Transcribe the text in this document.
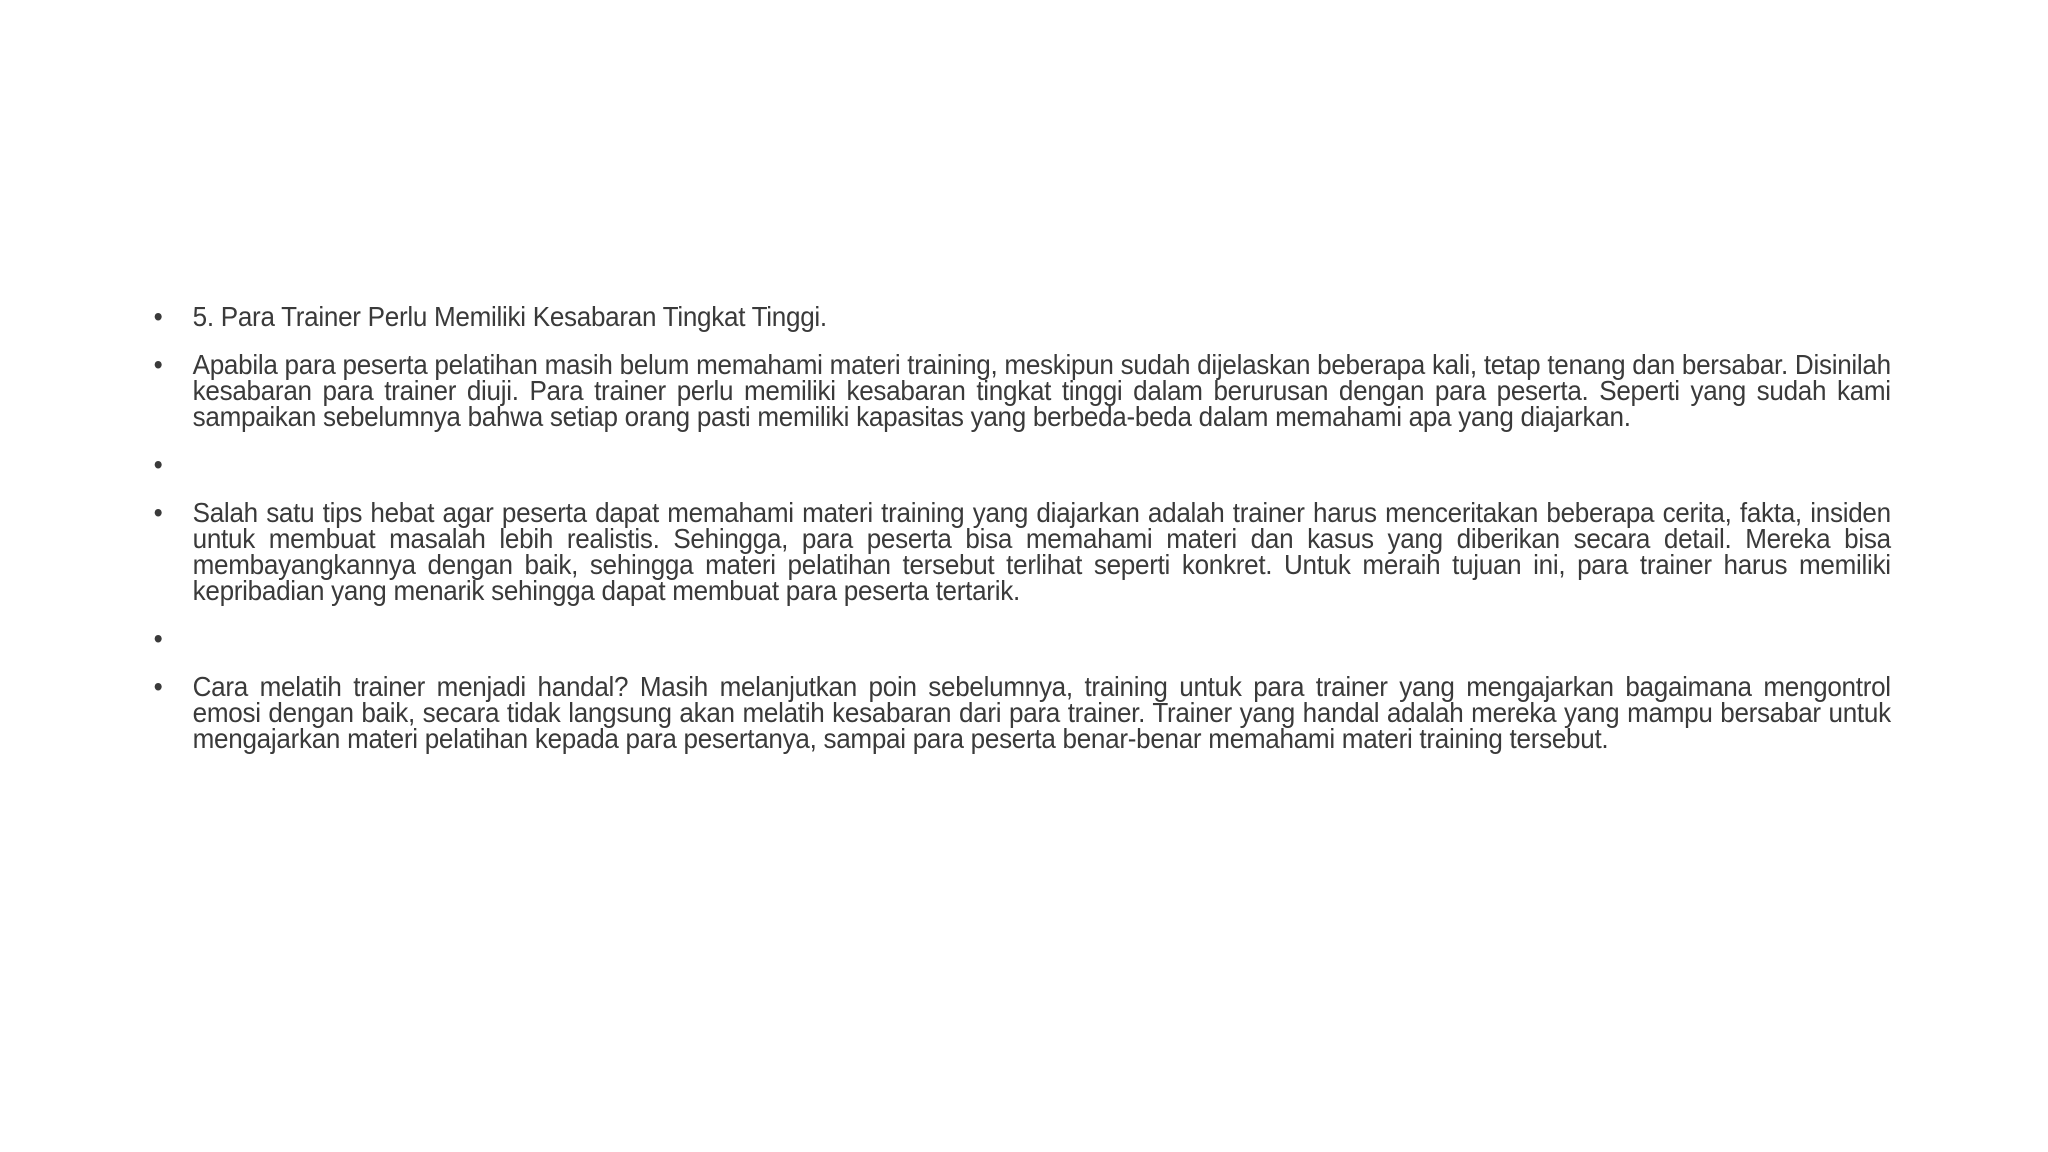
•	5. Para Trainer Perlu Memiliki Kesabaran Tingkat Tinggi.
•	Apabila para peserta pelatihan masih belum memahami materi training, meskipun sudah dijelaskan beberapa kali, tetap tenang dan bersabar. Disinilah kesabaran para trainer diuji. Para trainer perlu memiliki kesabaran tingkat tinggi dalam berurusan dengan para peserta. Seperti yang sudah kami sampaikan sebelumnya bahwa setiap orang pasti memiliki kapasitas yang berbeda-beda dalam memahami apa yang diajarkan.
•
•	Salah satu tips hebat agar peserta dapat memahami materi training yang diajarkan adalah trainer harus menceritakan beberapa cerita, fakta, insiden untuk membuat masalah lebih realistis. Sehingga, para peserta bisa memahami materi dan kasus yang diberikan secara detail. Mereka bisa membayangkannya dengan baik, sehingga materi pelatihan tersebut terlihat seperti konkret. Untuk meraih tujuan ini, para trainer harus memiliki kepribadian yang menarik sehingga dapat membuat para peserta tertarik.
•
•	Cara melatih trainer menjadi handal? Masih melanjutkan poin sebelumnya, training untuk para trainer yang mengajarkan bagaimana mengontrol emosi dengan baik, secara tidak langsung akan melatih kesabaran dari para trainer. Trainer yang handal adalah mereka yang mampu bersabar untuk mengajarkan materi pelatihan kepada para pesertanya, sampai para peserta benar-benar memahami materi training tersebut.
